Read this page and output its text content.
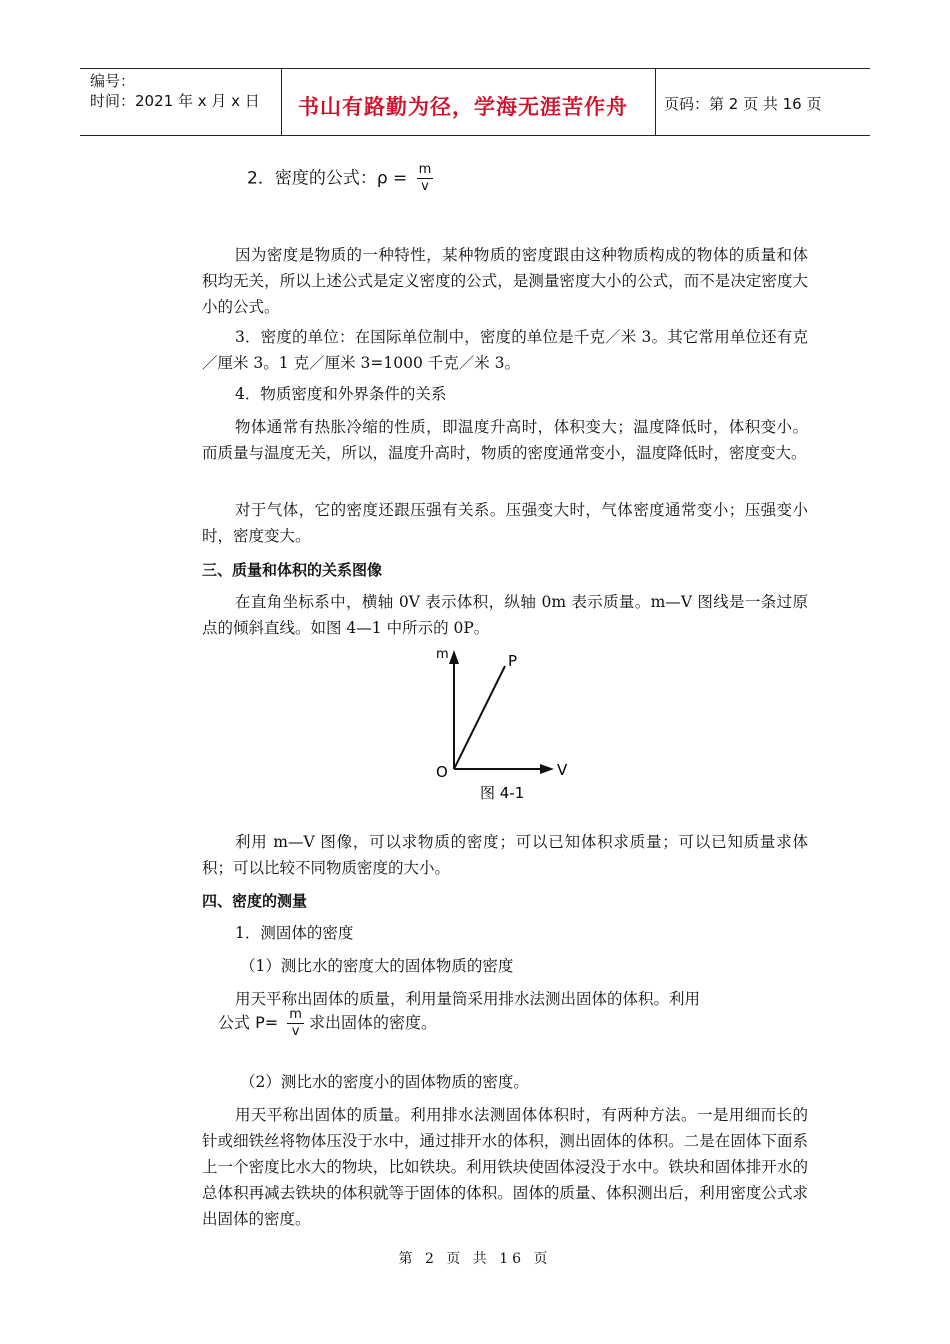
编号：
时间：2021 年 x 月 x 日 书山有路勤为径，学海无涯苦作舟 页码：第 2 页 共 16 页
2．密度的公式：$\rho = \frac{m}{v}$
因为密度是物质的一种特性，某种物质的密度跟由这种物质构成的物体的质量和体积均无关，所以上述公式是定义密度的公式，是测量密度大小的公式，而不是决定密度大小的公式。
3．密度的单位：在国际单位制中，密度的单位是千克／米 3。其它常用单位还有克／厘米 3。1 克／厘米 3=1000 千克／米 3。
4．物质密度和外界条件的关系
物体通常有热胀冷缩的性质，即温度升高时，体积变大；温度降低时，体积变小。而质量与温度无关，所以，温度升高时，物质的密度通常变小，温度降低时，密度变大。
对于气体，它的密度还跟压强有关系。压强变大时，气体密度通常变小；压强变小时，密度变大。
三、质量和体积的关系图像
在直角坐标系中，横轴 0V 表示体积，纵轴 0m 表示质量。m—V 图线是一条过原点的倾斜直线。如图 4—1 中所示的 0P。
m	P
O	V
图 4-1
利用 m—V 图像，可以求物质的密度；可以已知体积求质量；可以已知质量求体积；可以比较不同物质密度的大小。
四、密度的测量
1．测固体的密度
（1）测比水的密度大的固体物质的密度
用天平称出固体的质量，利用量筒采用排水法测出固体的体积。利用
公式 $P= \frac{m}{v}$ 求出固体的密度。
（2）测比水的密度小的固体物质的密度。
用天平称出固体的质量。利用排水法测固体体积时，有两种方法。一是用细而长的针或细铁丝将物体压没于水中，通过排开水的体积，测出固体的体积。二是在固体下面系上一个密度比水大的物块，比如铁块。利用铁块使固体浸没于水中。铁块和固体排开水的总体积再减去铁块的体积就等于固体的体积。固体的质量、体积测出后，利用密度公式求出固体的密度。
第 2 页 共 16 页
